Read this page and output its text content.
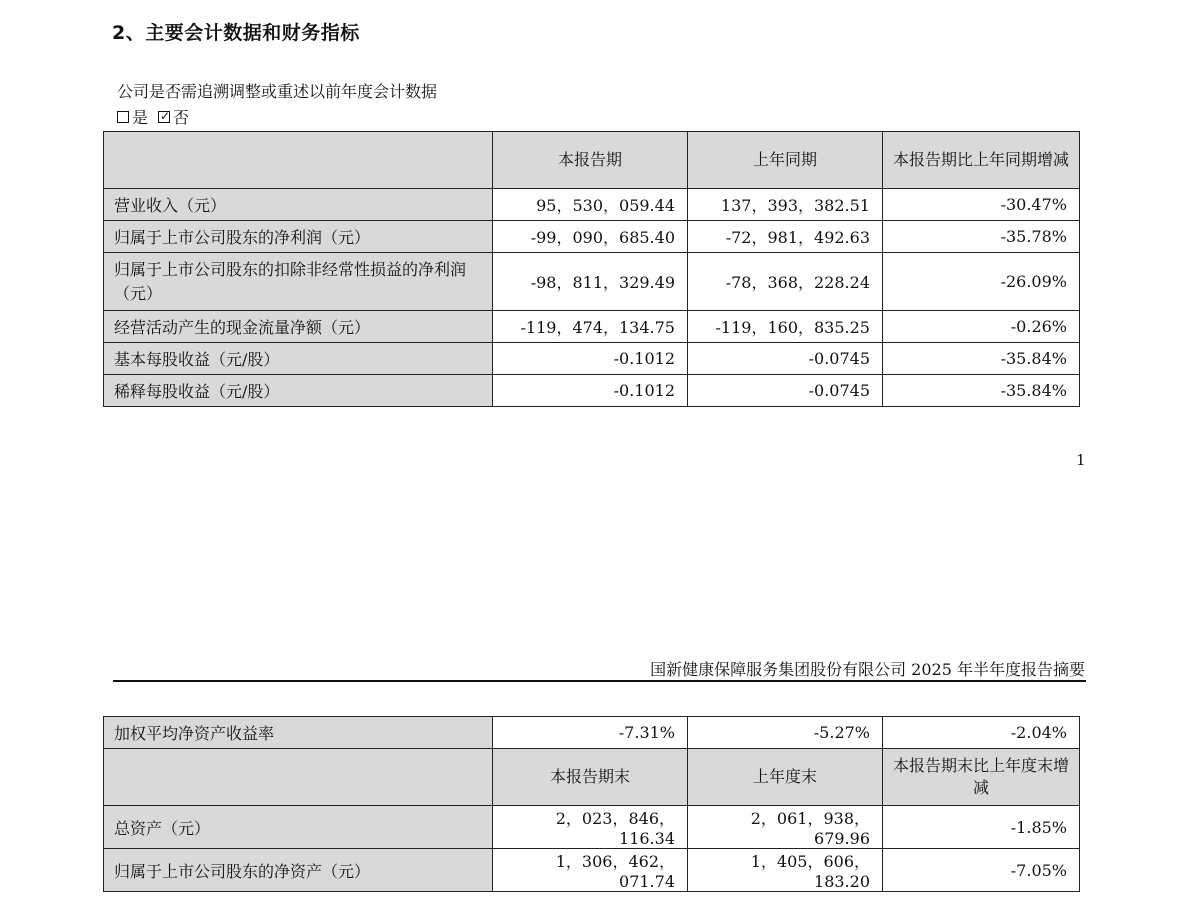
2、主要会计数据和财务指标
公司是否需追溯调整或重述以前年度会计数据
是 ✓ 否
	本报告期	上年同期	本报告期比上年同期增减
营业收入（元）	95，530，059.44	137，393，382.51	-30.47%
归属于上市公司股东的净利润（元）	-99，090，685.40	-72，981，492.63	-35.78%
归属于上市公司股东的扣除非经常性损益的净利润（元）	-98，811，329.49	-78，368，228.24	-26.09%
经营活动产生的现金流量净额（元）	-119，474，134.75	-119，160，835.25	-0.26%
基本每股收益（元/股）	-0.1012	-0.0745	-35.84%
稀释每股收益（元/股）	-0.1012	-0.0745	-35.84%
1
国新健康保障服务集团股份有限公司 2025 年半年度报告摘要
加权平均净资产收益率	-7.31%	-5.27%	-2.04%
	本报告期末	上年度末	本报告期末比上年度末增减
总资产（元）	2，023，846，116.34	2，061，938，679.96	-1.85%
归属于上市公司股东的净资产（元）	1，306，462，071.74	1，405，606，183.20	-7.05%
